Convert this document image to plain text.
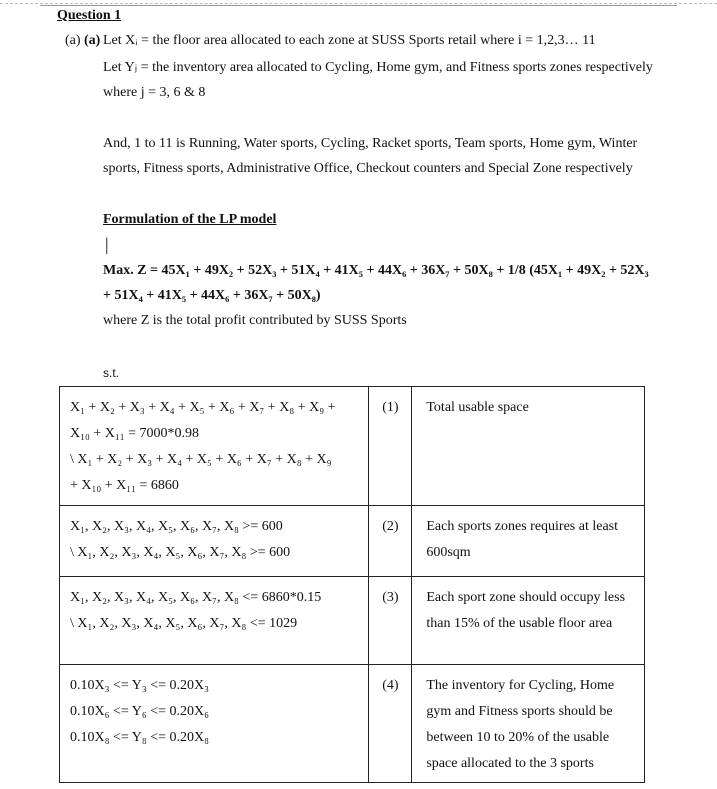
Question 1
(a) (a) Let Xᵢ = the floor area allocated to each zone at SUSS Sports retail where i = 1,2,3… 11
Let Yⱼ = the inventory area allocated to Cycling, Home gym, and Fitness sports zones respectively
where j = 3, 6 & 8
And, 1 to 11 is Running, Water sports, Cycling, Racket sports, Team sports, Home gym, Winter
sports, Fitness sports, Administrative Office, Checkout counters and Special Zone respectively
Formulation of the LP model
|
Max. Z = 45X₁ + 49X₂ + 52X₃ + 51X₄ + 41X₅ + 44X₆ + 36X₇ + 50X₈ + 1/8 (45X₁ + 49X₂ + 52X₃
+ 51X₄ + 41X₅ + 44X₆ + 36X₇ + 50X₈)
where Z is the total profit contributed by SUSS Sports
s.t.
X₁ + X₂ + X₃ + X₄ + X₅ + X₆ + X₇ + X₈ + X₉ +
X₁₀ + X₁₁ = 7000*0.98
\ X₁ + X₂ + X₃ + X₄ + X₅ + X₆ + X₇ + X₈ + X₉
+ X₁₀ + X₁₁ = 6860	(1)	Total usable space

X₁, X₂, X₃, X₄, X₅, X₆, X₇, X₈ >= 600
\ X₁, X₂, X₃, X₄, X₅, X₆, X₇, X₈ >= 600	(2)	Each sports zones requires at least 600sqm

X₁, X₂, X₃, X₄, X₅, X₆, X₇, X₈ <= 6860*0.15
\ X₁, X₂, X₃, X₄, X₅, X₆, X₇, X₈ <= 1029	(3)	Each sport zone should occupy less than 15% of the usable floor area

0.10X₃ <= Y₃ <= 0.20X₃
0.10X₆ <= Y₆ <= 0.20X₆
0.10X₈ <= Y₈ <= 0.20X₈	(4)	The inventory for Cycling, Home gym and Fitness sports should be between 10 to 20% of the usable space allocated to the 3 sports
